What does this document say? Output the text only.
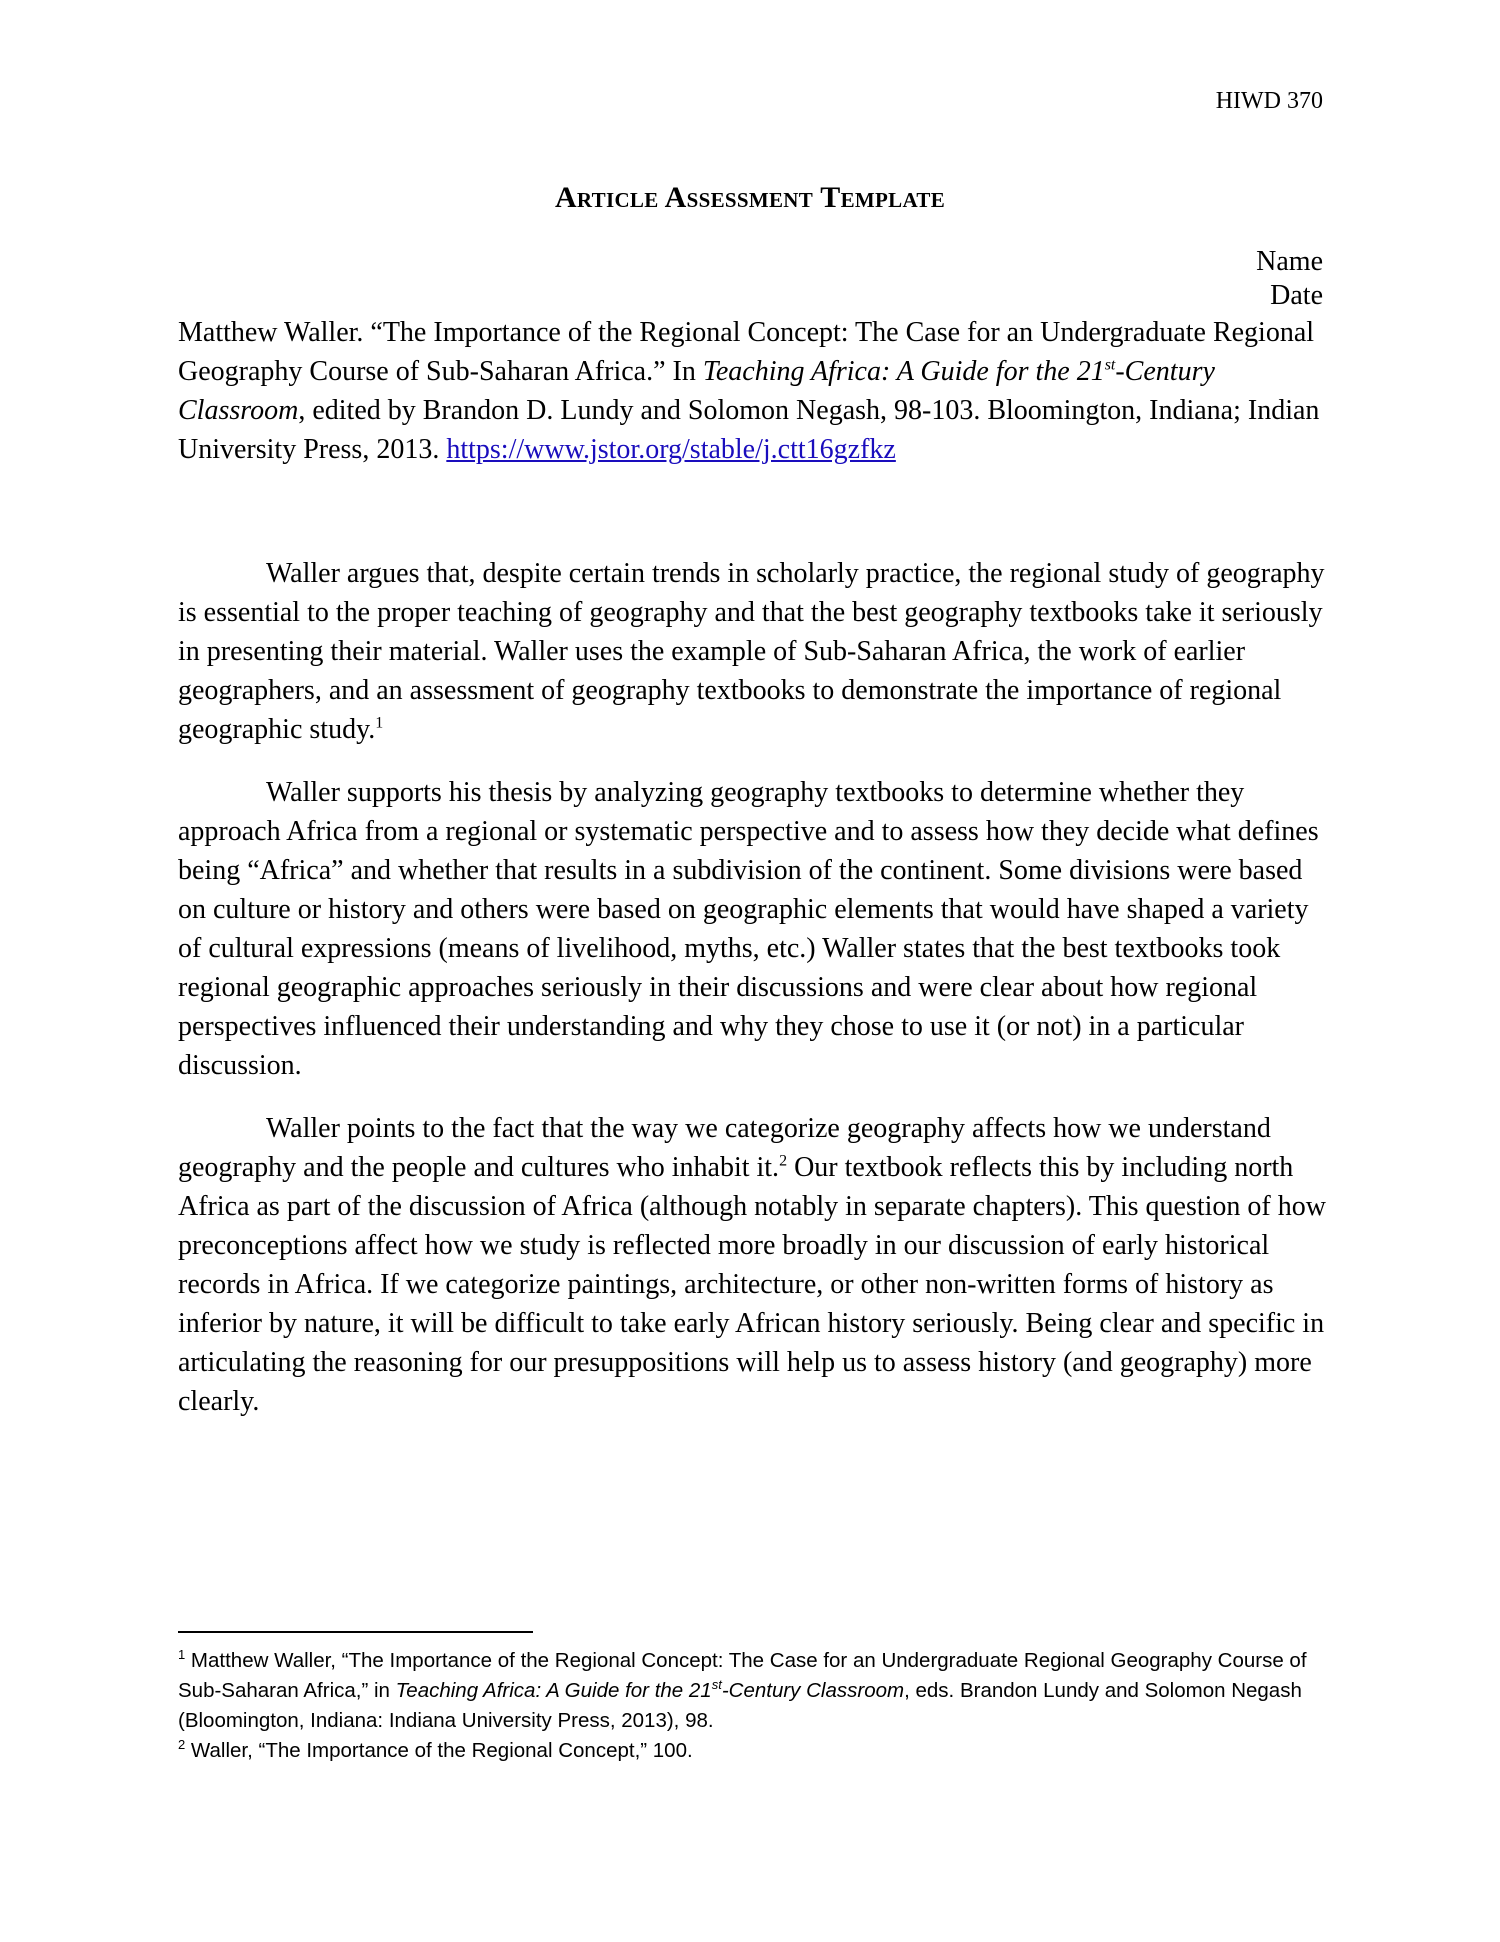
HIWD 370
Article Assessment Template
Name
Date

Matthew Waller. “The Importance of the Regional Concept: The Case for an Undergraduate Regional Geography Course of Sub-Saharan Africa.” In Teaching Africa: A Guide for the 21st-Century Classroom, edited by Brandon D. Lundy and Solomon Negash, 98-103. Bloomington, Indiana; Indian University Press, 2013. https://www.jstor.org/stable/j.ctt16gzfkz

Waller argues that, despite certain trends in scholarly practice, the regional study of geography is essential to the proper teaching of geography and that the best geography textbooks take it seriously in presenting their material. Waller uses the example of Sub-Saharan Africa, the work of earlier geographers, and an assessment of geography textbooks to demonstrate the importance of regional geographic study.$^1$

Waller supports his thesis by analyzing geography textbooks to determine whether they approach Africa from a regional or systematic perspective and to assess how they decide what defines being “Africa” and whether that results in a subdivision of the continent. Some divisions were based on culture or history and others were based on geographic elements that would have shaped a variety of cultural expressions (means of livelihood, myths, etc.) Waller states that the best textbooks took regional geographic approaches seriously in their discussions and were clear about how regional perspectives influenced their understanding and why they chose to use it (or not) in a particular discussion.

Waller points to the fact that the way we categorize geography affects how we understand geography and the people and cultures who inhabit it.$^2$ Our textbook reflects this by including north Africa as part of the discussion of Africa (although notably in separate chapters). This question of how preconceptions affect how we study is reflected more broadly in our discussion of early historical records in Africa. If we categorize paintings, architecture, or other non-written forms of history as inferior by nature, it will be difficult to take early African history seriously. Being clear and specific in articulating the reasoning for our presuppositions will help us to assess history (and geography) more clearly.

$^1$ Matthew Waller, “The Importance of the Regional Concept: The Case for an Undergraduate Regional Geography Course of Sub-Saharan Africa,” in Teaching Africa: A Guide for the 21st-Century Classroom, eds. Brandon Lundy and Solomon Negash (Bloomington, Indiana: Indiana University Press, 2013), 98.

$^2$ Waller, “The Importance of the Regional Concept,” 100.
